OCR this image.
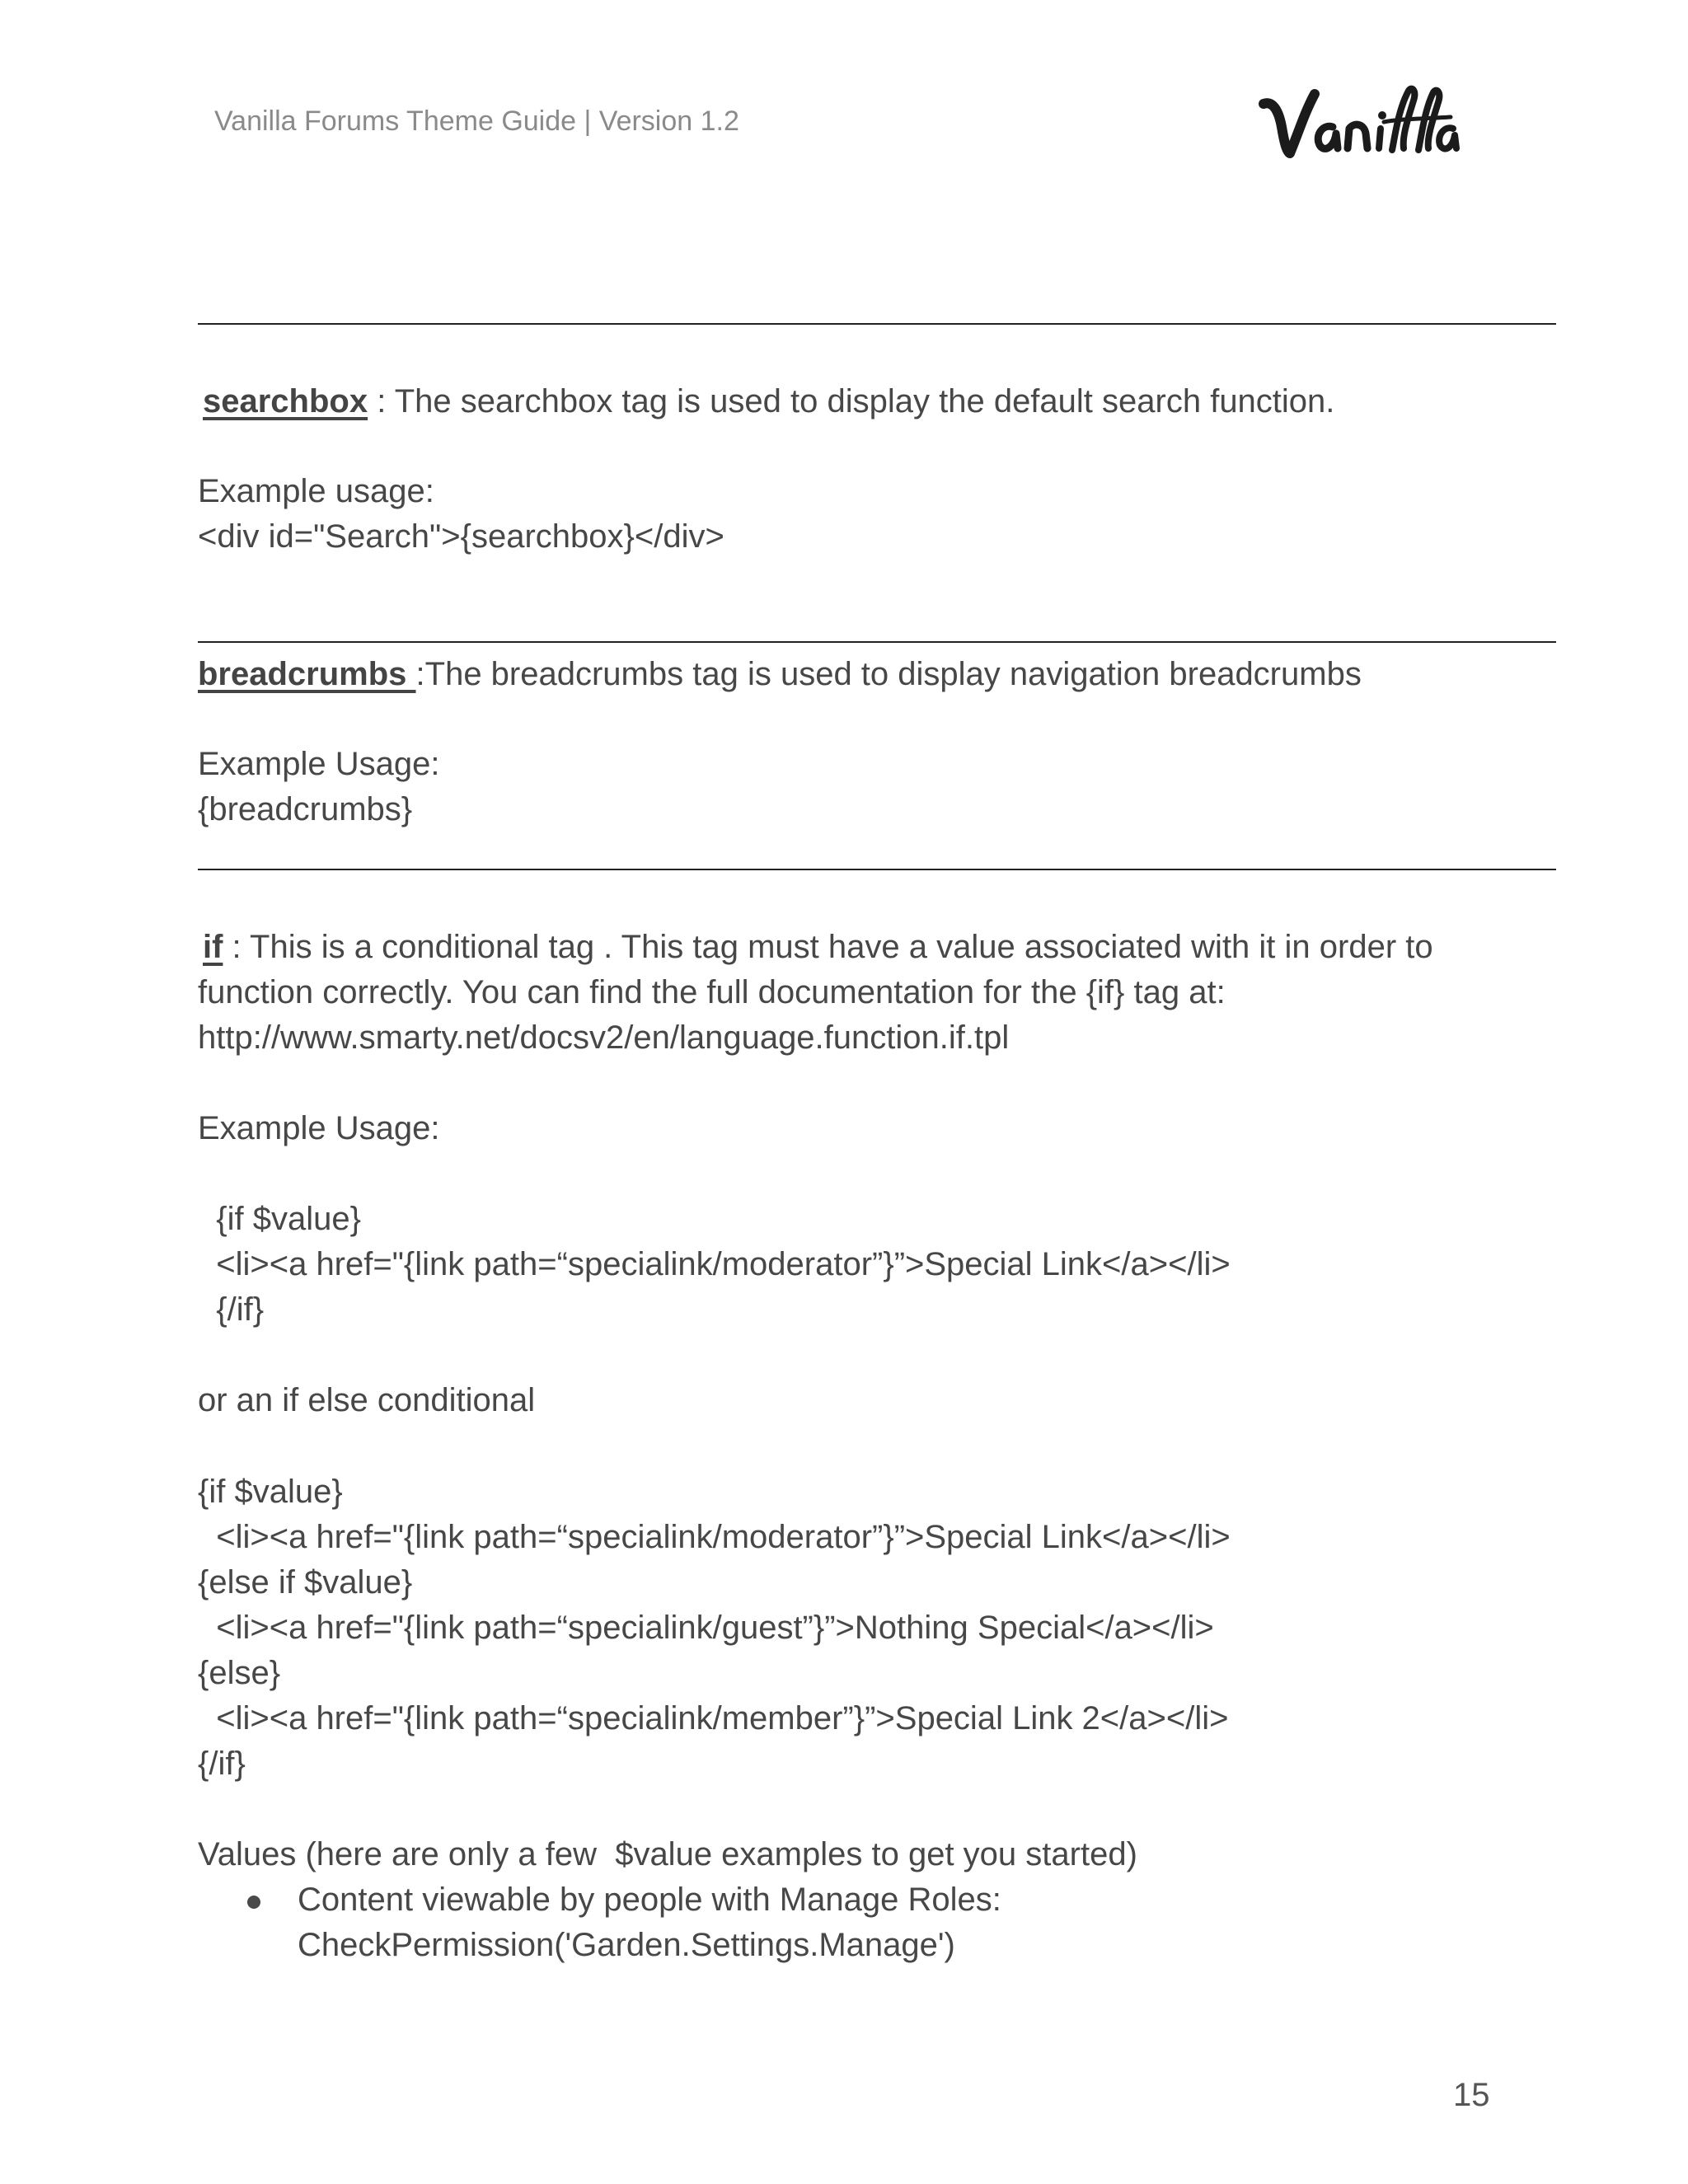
Vanilla Forums Theme Guide | Version 1.2

searchbox : The searchbox tag is used to display the default search function.

Example usage:

<div id="Search">{searchbox}</div>

breadcrumbs :The breadcrumbs tag is used to display navigation breadcrumbs

Example Usage:

{breadcrumbs}

if : This is a conditional tag . This tag must have a value associated with it in order to

function correctly. You can find the full documentation for the {if} tag at:

http://www.smarty.net/docsv2/en/language.function.if.tpl

Example Usage:

{if $value}

<li><a href="{link path=“specialink/moderator”}”>Special Link</a></li>

{/if}

or an if else conditional

{if $value}

<li><a href="{link path=“specialink/moderator”}”>Special Link</a></li>

{else if $value}

<li><a href="{link path=“specialink/guest”}”>Nothing Special</a></li>

{else}

<li><a href="{link path=“specialink/member”}”>Special Link 2</a></li>

{/if}

Values (here are only a few  $value examples to get you started)

Content viewable by people with Manage Roles:

CheckPermission('Garden.Settings.Manage')

15
